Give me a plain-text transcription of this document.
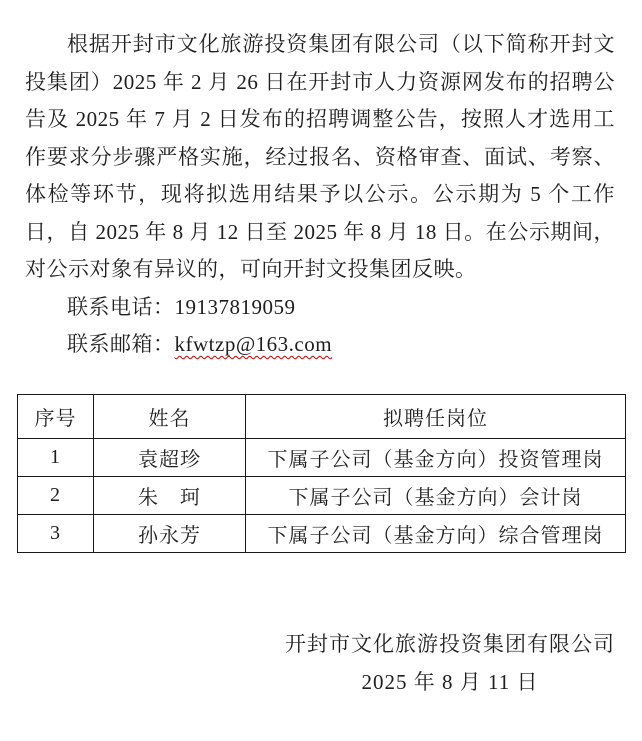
根据开封市文化旅游投资集团有限公司（以下简称开封文投集团）2025 年 2 月 26 日在开封市人力资源网发布的招聘公告及 2025 年 7 月 2 日发布的招聘调整公告，按照人才选用工作要求分步骤严格实施，经过报名、资格审查、面试、考察、体检等环节，现将拟选用结果予以公示。公示期为 5 个工作日，自 2025 年 8 月 12 日至 2025 年 8 月 18 日。在公示期间，对公示对象有异议的，可向开封文投集团反映。

联系电话：19137819059

联系邮箱：kfwtzp@163.com

序号	姓名	拟聘任岗位
1	袁超珍	下属子公司（基金方向）投资管理岗
2	朱　珂	下属子公司（基金方向）会计岗
3	孙永芳	下属子公司（基金方向）综合管理岗
开封市文化旅游投资集团有限公司
2025 年 8 月 11 日
